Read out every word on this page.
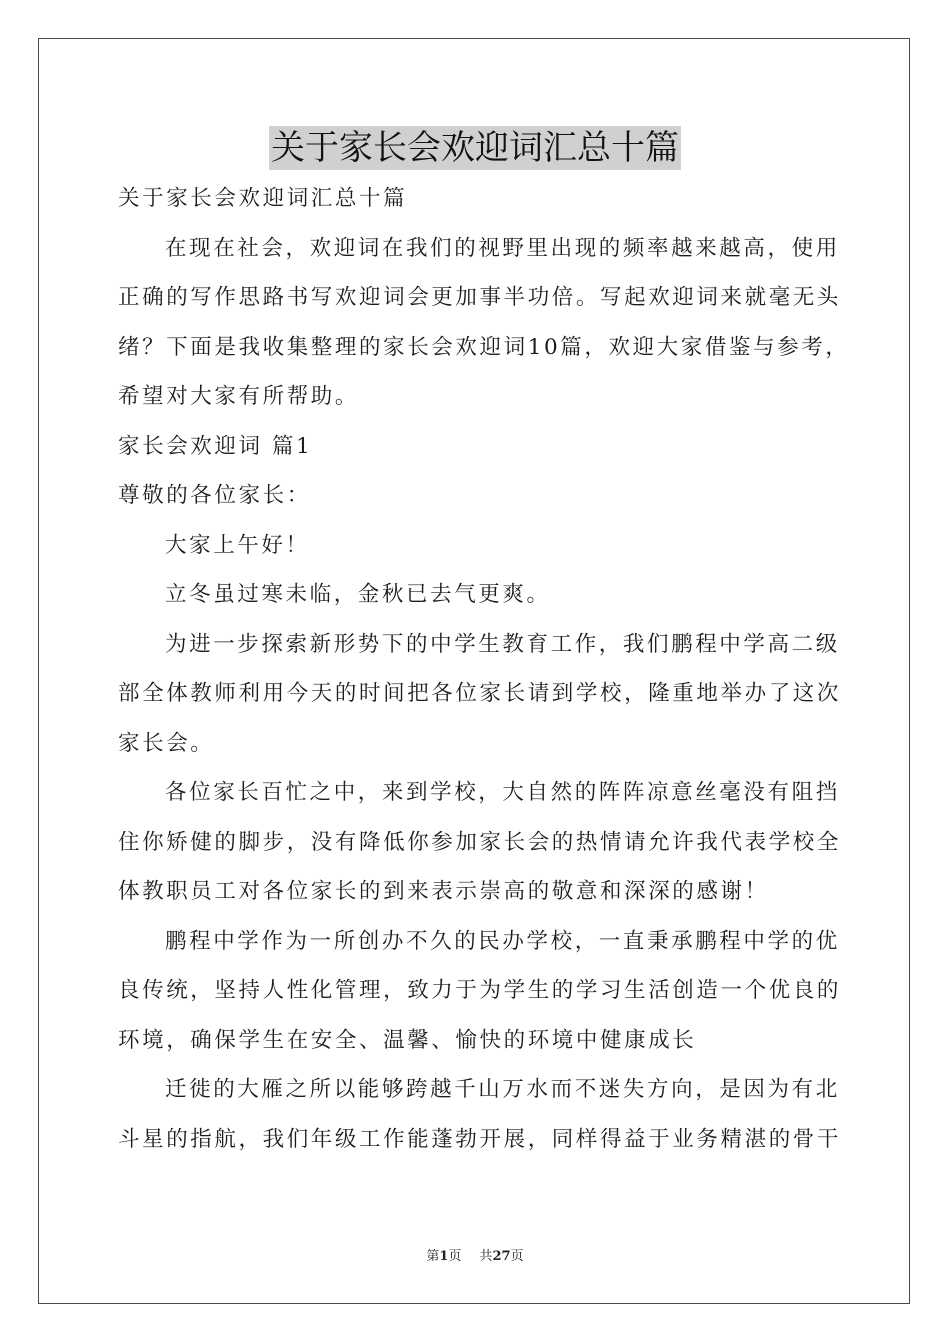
关于家长会欢迎词汇总十篇
关于家长会欢迎词汇总十篇
在现在社会，欢迎词在我们的视野里出现的频率越来越高，使用
正确的写作思路书写欢迎词会更加事半功倍。写起欢迎词来就毫无头
绪？下面是我收集整理的家长会欢迎词10篇，欢迎大家借鉴与参考，
希望对大家有所帮助。
家长会欢迎词 篇1
尊敬的各位家长：
大家上午好！
立冬虽过寒未临，金秋已去气更爽。
为进一步探索新形势下的中学生教育工作，我们鹏程中学高二级
部全体教师利用今天的时间把各位家长请到学校，隆重地举办了这次
家长会。
各位家长百忙之中，来到学校，大自然的阵阵凉意丝毫没有阻挡
住你矫健的脚步，没有降低你参加家长会的热情请允许我代表学校全
体教职员工对各位家长的到来表示崇高的敬意和深深的感谢！
鹏程中学作为一所创办不久的民办学校，一直秉承鹏程中学的优
良传统，坚持人性化管理，致力于为学生的学习生活创造一个优良的
环境，确保学生在安全、温馨、愉快的环境中健康成长
迁徙的大雁之所以能够跨越千山万水而不迷失方向，是因为有北
斗星的指航，我们年级工作能蓬勃开展，同样得益于业务精湛的骨干
第1页 共27页
